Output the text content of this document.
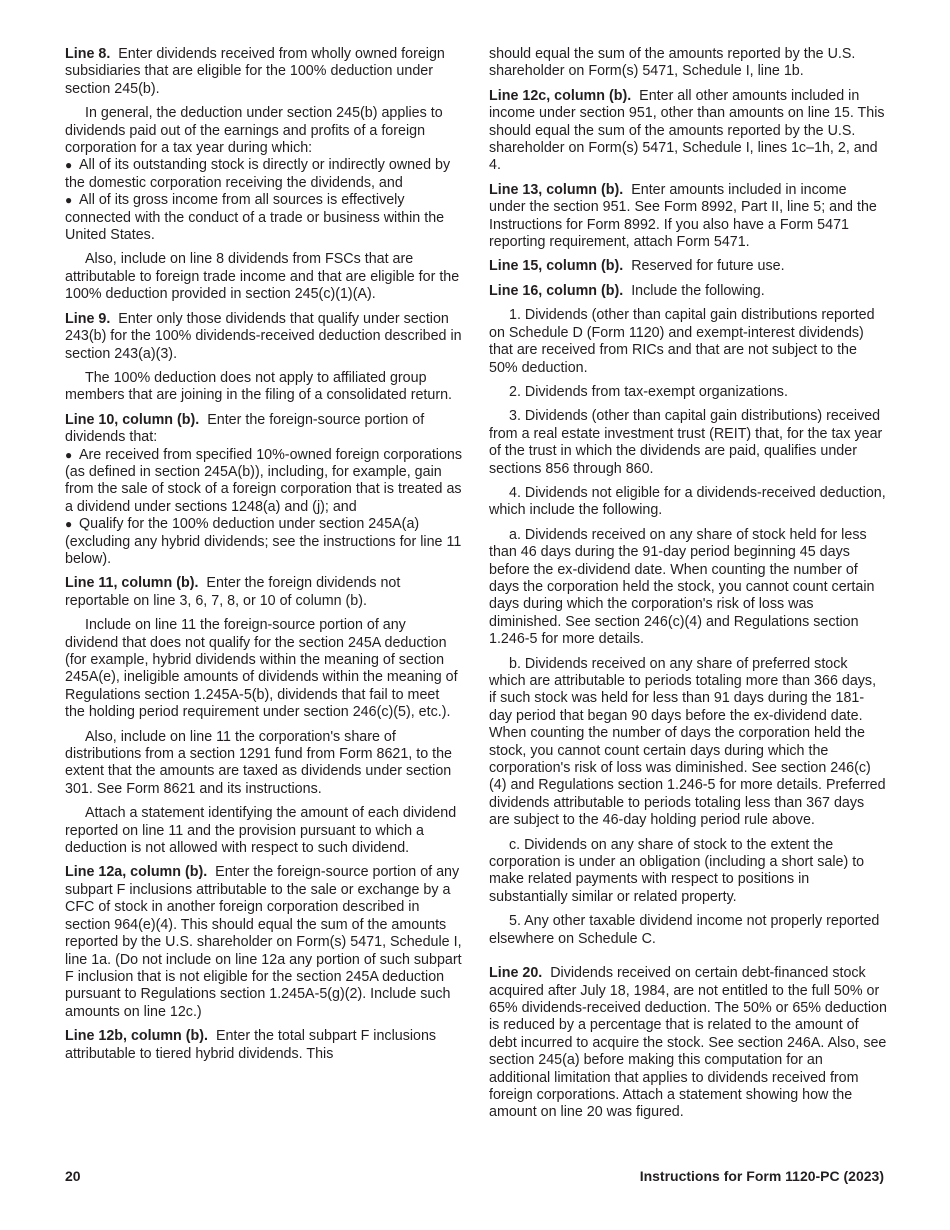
Line 8. Enter dividends received from wholly owned foreign subsidiaries that are eligible for the 100% deduction under section 245(b).

In general, the deduction under section 245(b) applies to dividends paid out of the earnings and profits of a foreign corporation for a tax year during which:

● All of its outstanding stock is directly or indirectly owned by the domestic corporation receiving the dividends, and
● All of its gross income from all sources is effectively connected with the conduct of a trade or business within the United States.

Also, include on line 8 dividends from FSCs that are attributable to foreign trade income and that are eligible for the 100% deduction provided in section 245(c)(1)(A).

Line 9. Enter only those dividends that qualify under section 243(b) for the 100% dividends-received deduction described in section 243(a)(3).

The 100% deduction does not apply to affiliated group members that are joining in the filing of a consolidated return.

Line 10, column (b). Enter the foreign-source portion of dividends that:

● Are received from specified 10%-owned foreign corporations (as defined in section 245A(b)), including, for example, gain from the sale of stock of a foreign corporation that is treated as a dividend under sections 1248(a) and (j); and
● Qualify for the 100% deduction under section 245A(a) (excluding any hybrid dividends; see the instructions for line 11 below).

Line 11, column (b). Enter the foreign dividends not reportable on line 3, 6, 7, 8, or 10 of column (b).

Include on line 11 the foreign-source portion of any dividend that does not qualify for the section 245A deduction (for example, hybrid dividends within the meaning of section 245A(e), ineligible amounts of dividends within the meaning of Regulations section 1.245A-5(b), dividends that fail to meet the holding period requirement under section 246(c)(5), etc.).

Also, include on line 11 the corporation's share of distributions from a section 1291 fund from Form 8621, to the extent that the amounts are taxed as dividends under section 301. See Form 8621 and its instructions.

Attach a statement identifying the amount of each dividend reported on line 11 and the provision pursuant to which a deduction is not allowed with respect to such dividend.

Line 12a, column (b). Enter the foreign-source portion of any subpart F inclusions attributable to the sale or exchange by a CFC of stock in another foreign corporation described in section 964(e)(4). This should equal the sum of the amounts reported by the U.S. shareholder on Form(s) 5471, Schedule I, line 1a. (Do not include on line 12a any portion of such subpart F inclusion that is not eligible for the section 245A deduction pursuant to Regulations section 1.245A-5(g)(2). Include such amounts on line 12c.)

Line 12b, column (b). Enter the total subpart F inclusions attributable to tiered hybrid dividends. This

should equal the sum of the amounts reported by the U.S. shareholder on Form(s) 5471, Schedule I, line 1b.

Line 12c, column (b). Enter all other amounts included in income under section 951, other than amounts on line 15. This should equal the sum of the amounts reported by the U.S. shareholder on Form(s) 5471, Schedule I, lines 1c–1h, 2, and 4.

Line 13, column (b). Enter amounts included in income under the section 951. See Form 8992, Part II, line 5; and the Instructions for Form 8992. If you also have a Form 5471 reporting requirement, attach Form 5471.

Line 15, column (b). Reserved for future use.

Line 16, column (b). Include the following.

1. Dividends (other than capital gain distributions reported on Schedule D (Form 1120) and exempt-interest dividends) that are received from RICs and that are not subject to the 50% deduction.

2. Dividends from tax-exempt organizations.

3. Dividends (other than capital gain distributions) received from a real estate investment trust (REIT) that, for the tax year of the trust in which the dividends are paid, qualifies under sections 856 through 860.

4. Dividends not eligible for a dividends-received deduction, which include the following.

a. Dividends received on any share of stock held for less than 46 days during the 91-day period beginning 45 days before the ex-dividend date. When counting the number of days the corporation held the stock, you cannot count certain days during which the corporation's risk of loss was diminished. See section 246(c)(4) and Regulations section 1.246-5 for more details.

b. Dividends received on any share of preferred stock which are attributable to periods totaling more than 366 days, if such stock was held for less than 91 days during the 181-day period that began 90 days before the ex-dividend date. When counting the number of days the corporation held the stock, you cannot count certain days during which the corporation's risk of loss was diminished. See section 246(c)(4) and Regulations section 1.246-5 for more details. Preferred dividends attributable to periods totaling less than 367 days are subject to the 46-day holding period rule above.

c. Dividends on any share of stock to the extent the corporation is under an obligation (including a short sale) to make related payments with respect to positions in substantially similar or related property.

5. Any other taxable dividend income not properly reported elsewhere on Schedule C.

Line 20. Dividends received on certain debt-financed stock acquired after July 18, 1984, are not entitled to the full 50% or 65% dividends-received deduction. The 50% or 65% deduction is reduced by a percentage that is related to the amount of debt incurred to acquire the stock. See section 246A. Also, see section 245(a) before making this computation for an additional limitation that applies to dividends received from foreign corporations. Attach a statement showing how the amount on line 20 was figured.

20	Instructions for Form 1120-PC (2023)
